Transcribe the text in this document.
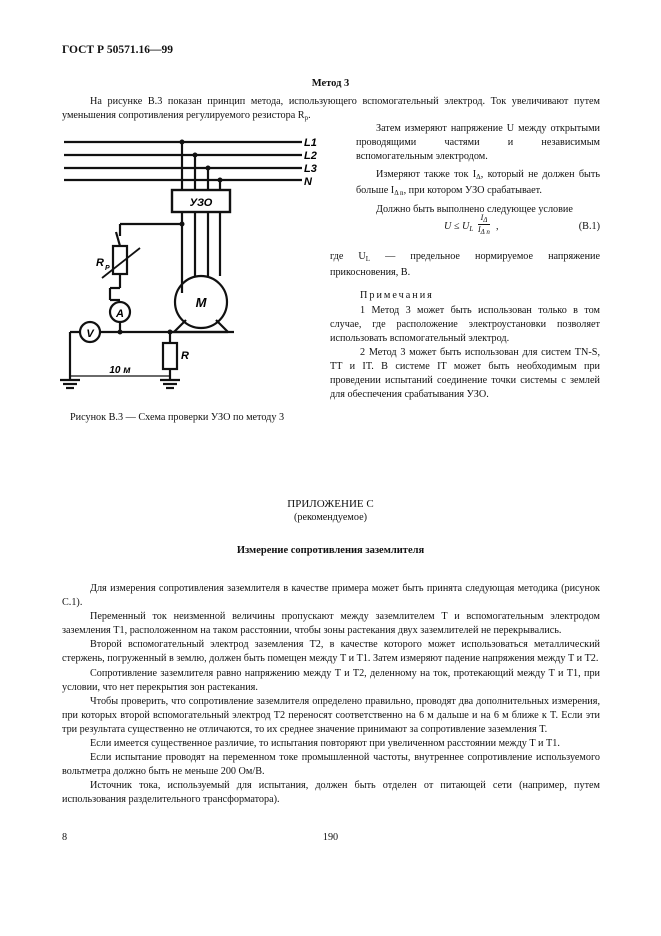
ГОСТ Р 50571.16—99
Метод 3

На рисунке В.3 показан принцип метода, использующего вспомогательный электрод. Ток увеличивают путем уменьшения сопротивления регулируемого резистора Rp.

Затем измеряют напряжение U между открытыми проводящими частями и независимым вспомогательным электродом.

Измеряют также ток IΔ, который не должен быть больше IΔ n, при котором УЗО срабатывает.

Должно быть выполнено следующее условие

U ≤ UL $\frac{I\Delta}{\text{IΔ n}}$ ,	(В.1)

где UL — предельное нормируемое напряжение прикосновения, В.

Примечания

1 Метод 3 может быть использован только в том случае, где расположение электроустановки позволяет использовать вспомогательный электрод.

2 Метод 3 может быть использован для систем TN-S, TT и IT. В системе IT может быть необходимым при проведении испытаний соединение точки системы с землей для обеспечения срабатывания УЗО.

L1
L2
L3
N
УЗО
M
R P
A
V
R
10 м
Рисунок В.3 — Схема проверки УЗО по методу 3
ПРИЛОЖЕНИЕ С
(рекомендуемое)
Измерение сопротивления заземлителя

Для измерения сопротивления заземлителя в качестве примера может быть принята следующая методика (рисунок С.1).

Переменный ток неизменной величины пропускают между заземлителем T и вспомогательным электродом заземления T1, расположенном на таком расстоянии, чтобы зоны растекания двух заземлителей не перекрывались.

Второй вспомогательный электрод заземления T2, в качестве которого может использоваться металлический стержень, погруженный в землю, должен быть помещен между T и T1. Затем измеряют падение напряжения между T и T2.

Сопротивление заземлителя равно напряжению между T и T2, деленному на ток, протекающий между T и T1, при условии, что нет перекрытия зон растекания.

Чтобы проверить, что сопротивление заземлителя определено правильно, проводят два дополнительных измерения, при которых второй вспомогательный электрод T2 переносят соответственно на 6 м дальше и на 6 м ближе к T. Если эти три результата существенно не отличаются, то их среднее значение принимают за сопротивление заземления T.

Если имеется существенное различие, то испытания повторяют при увеличенном расстоянии между T и T1.

Если испытание проводят на переменном токе промышленной частоты, внутреннее сопротивление используемого вольтметра должно быть не меньше 200 Ом/В.

Источник тока, используемый для испытания, должен быть отделен от питающей сети (например, путем использования разделительного трансформатора).

8	190
